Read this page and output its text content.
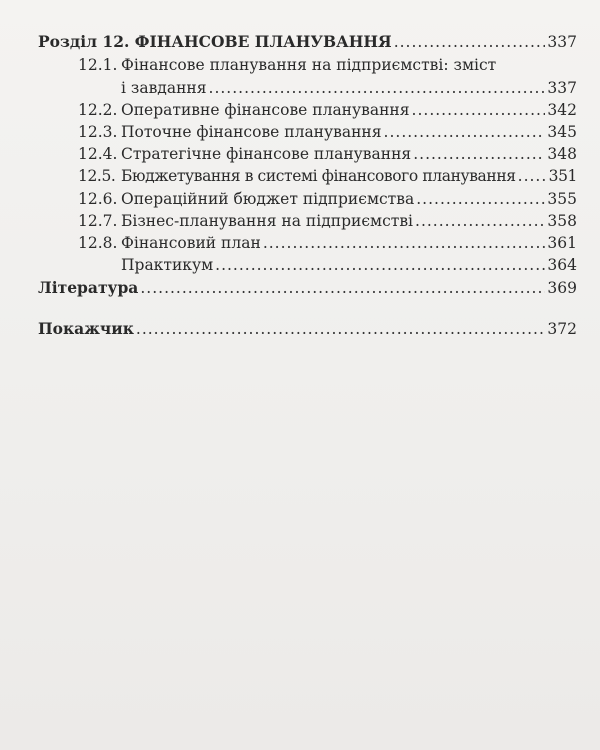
Розділ 12. ФІНАНСОВЕ ПЛАНУВАННЯ .....	337
12.1. Фінансове планування на підприємстві: зміст
і завдання .....	337
12.2. Оперативне фінансове планування .....	342
12.3. Поточне фінансове планування .....	345
12.4. Стратегічне фінансове планування .....	348
12.5. Бюджетування в системі фінансового планування ..... 351
12.6. Операційний бюджет підприємства .....	355
12.7. Бізнес-планування на підприємстві .....	358
12.8. Фінансовий план .....	361
Практикум .....	364
Література .....	369
Покажчик .....	372
